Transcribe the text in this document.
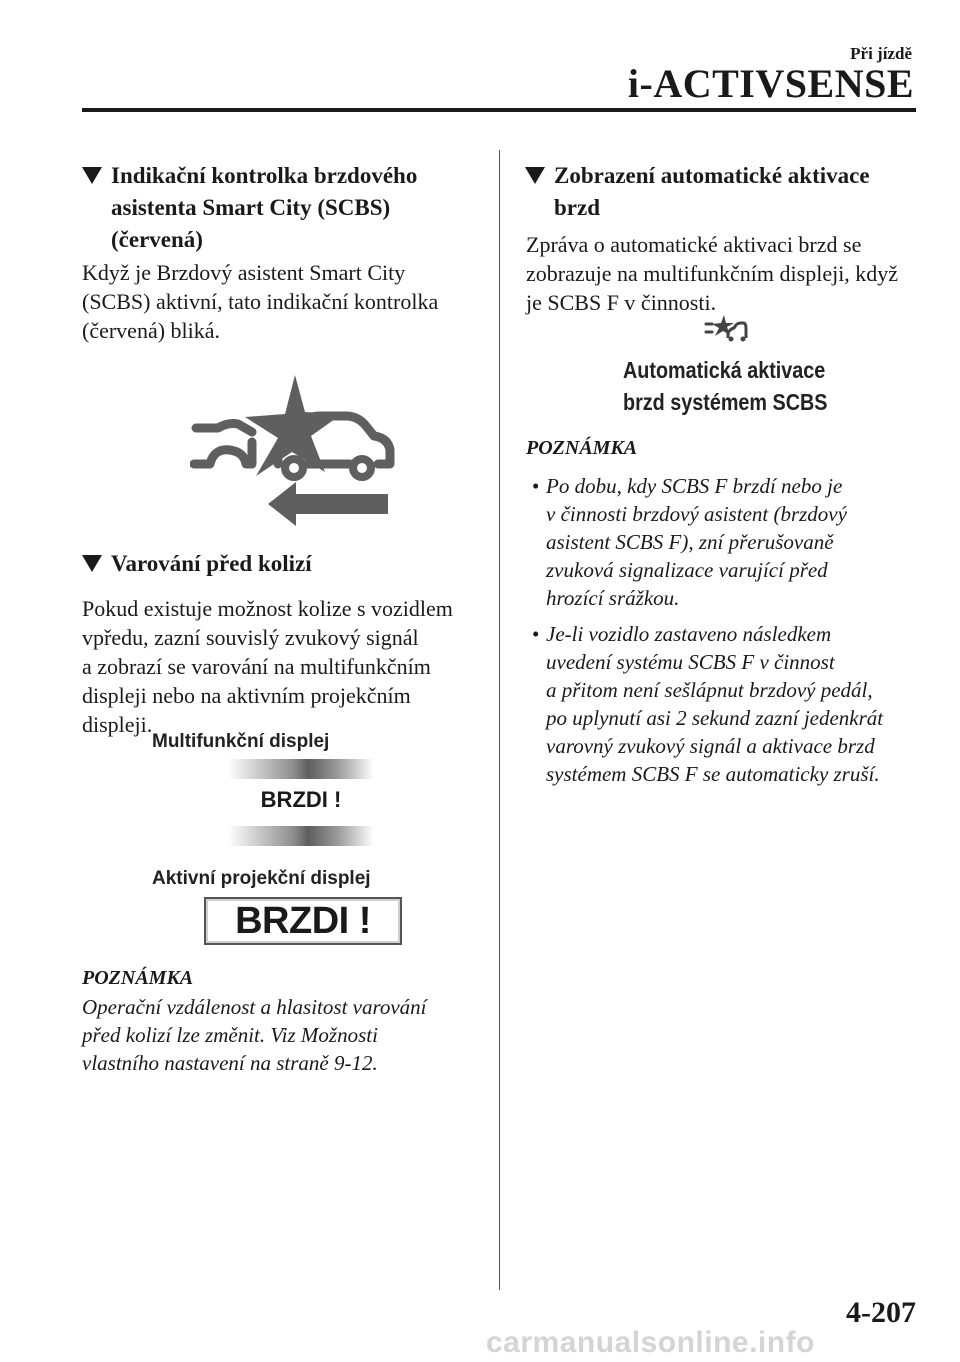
Při jízdě
i-ACTIVSENSE
Indikační kontrolka brzdového
asistenta Smart City (SCBS)
(červená)
Když je Brzdový asistent Smart City
(SCBS) aktivní, tato indikační kontrolka
(červená) bliká.
Varování před kolizí
Pokud existuje možnost kolize s vozidlem
vpředu, zazní souvislý zvukový signál
a zobrazí se varování na multifunkčním
displeji nebo na aktivním projekčním
displeji.
Multifunkční displej
BRZDI !
Aktivní projekční displej
BRZDI !
POZNÁMKA
Operační vzdálenost a hlasitost varování
před kolizí lze změnit. Viz Možnosti
vlastního nastavení na straně 9-12.
Zobrazení automatické aktivace
brzd
Zpráva o automatické aktivaci brzd se
zobrazuje na multifunkčním displeji, když
je SCBS F v činnosti.
Automatická aktivace
brzd systémem SCBS
POZNÁMKA
• Po dobu, kdy SCBS F brzdí nebo je
v činnosti brzdový asistent (brzdový
asistent SCBS F), zní přerušovaně
zvuková signalizace varující před
hrozící srážkou.
• Je-li vozidlo zastaveno následkem
uvedení systému SCBS F v činnost
a přitom není sešlápnut brzdový pedál,
po uplynutí asi 2 sekund zazní jedenkrát
varovný zvukový signál a aktivace brzd
systémem SCBS F se automaticky zruší.
4-207
carmanualsonline.info
